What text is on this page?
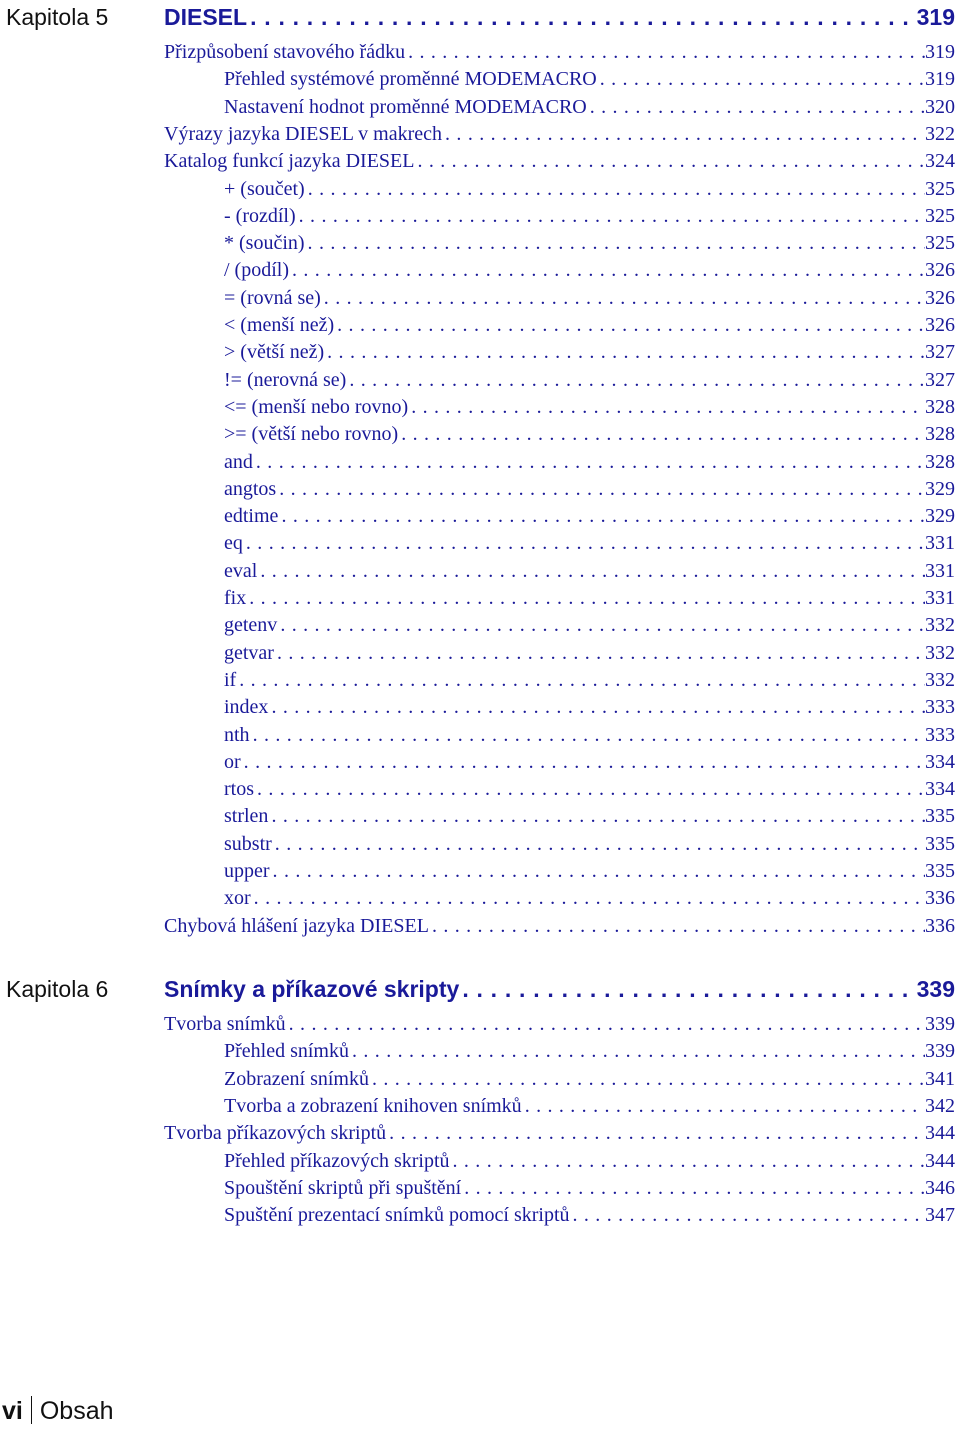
Kapitola 5 DIESEL . . .	319
Přizpůsobení stavového řádku . . .	319
Přehled systémové proměnné MODEMACRO . . .	319
Nastavení hodnot proměnné MODEMACRO . . .	320
Výrazy jazyka DIESEL v makrech . . .	322
Katalog funkcí jazyka DIESEL . . .	324
+ (součet) . . .	325
- (rozdíl) . . .	325
* (součin) . . .	325
/ (podíl) . . .	326
= (rovná se) . . .	326
< (menší než) . . .	326
> (větší než) . . .	327
!= (nerovná se) . . .	327
<= (menší nebo rovno) . . .	328
>= (větší nebo rovno) . . .	328
and . . .	328
angtos . . .	329
edtime . . .	329
eq . . .	331
eval . . .	331
fix . . .	331
getenv . . .	332
getvar . . .	332
if . . .	332
index . . .	333
nth . . .	333
or . . .	334
rtos . . .	334
strlen . . .	335
substr . . .	335
upper . . .	335
xor . . .	336
Chybová hlášení jazyka DIESEL . . .	336
Kapitola 6 Snímky a příkazové skripty . . .	339
Tvorba snímků . . .	339
Přehled snímků . . .	339
Zobrazení snímků . . .	341
Tvorba a zobrazení knihoven snímků . . .	342
Tvorba příkazových skriptů . . .	344
Přehled příkazových skriptů . . .	344
Spouštění skriptů při spuštění . . .	346
Spuštění prezentací snímků pomocí skriptů . . .	347
vi Obsah
